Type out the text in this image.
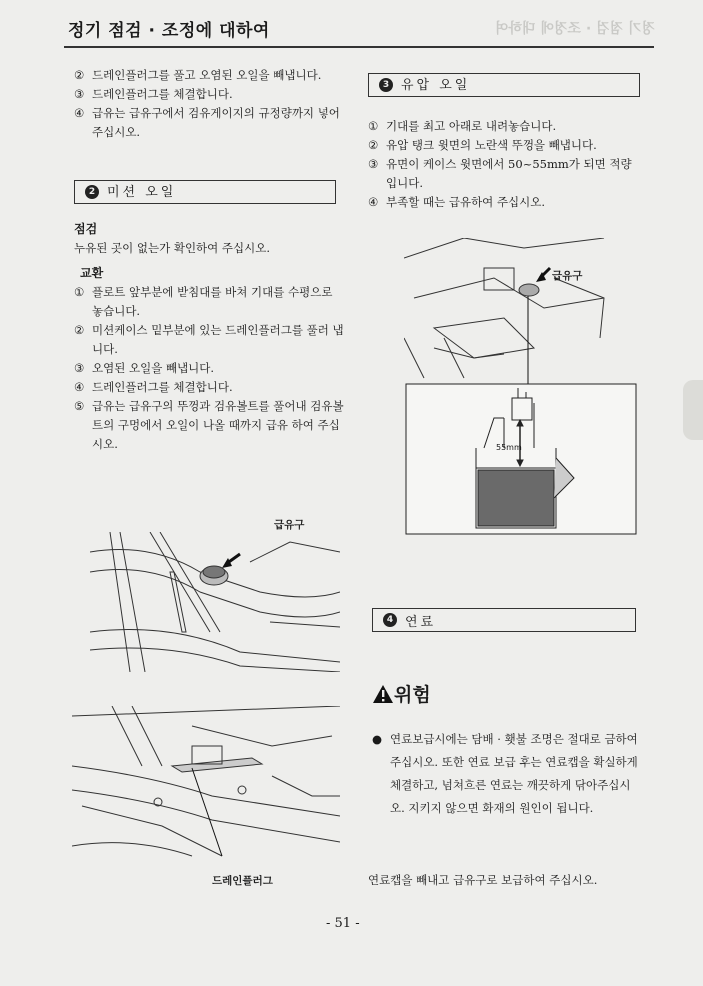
정기 점검 · 조정에 대하여	정기 점검 · 조정에 대하여
② 드레인플러그를 풀고 오염된 오일을 빼냅니다.
③ 드레인플러그를 체결합니다.
④ 급유는 급유구에서 검유게이지의 규정량까지 넣어 주십시오.
2 미션 오일
점검
누유된 곳이 없는가 확인하여 주십시오.
교환
① 플로트 앞부분에 받침대를 바쳐 기대를 수평으로 놓습니다.
② 미션케이스 밑부분에 있는 드레인플러그를 풀러 냅니다.
③ 오염된 오일을 빼냅니다.
④ 드레인플러그를 체결합니다.
⑤ 급유는 급유구의 뚜껑과 검유볼트를 풀어내 검유볼트의 구멍에서 오일이 나올 때까지 급유 하여 주십시오.
급유구
드레인플러그
3 유압 오일
① 기대를 최고 아래로 내려놓습니다.
② 유압 탱크 윗면의 노란색 뚜껑을 빼냅니다.
③ 유면이 케이스 윗면에서 50~55mm가 되면 적량입니다.
④ 부족할 때는 급유하여 주십시오.
급유구
55mm
4 연료
위험
● 연료보급시에는 담배 · 횃불 조명은 절대로 금하여 주십시오. 또한 연료 보급 후는 연료캡을 확실하게 체결하고, 넘쳐흐른 연료는 깨끗하게 닦아주십시오. 지키지 않으면 화재의 원인이 됩니다.
연료캡을 빼내고 급유구로 보급하여 주십시오.
- 51 -
